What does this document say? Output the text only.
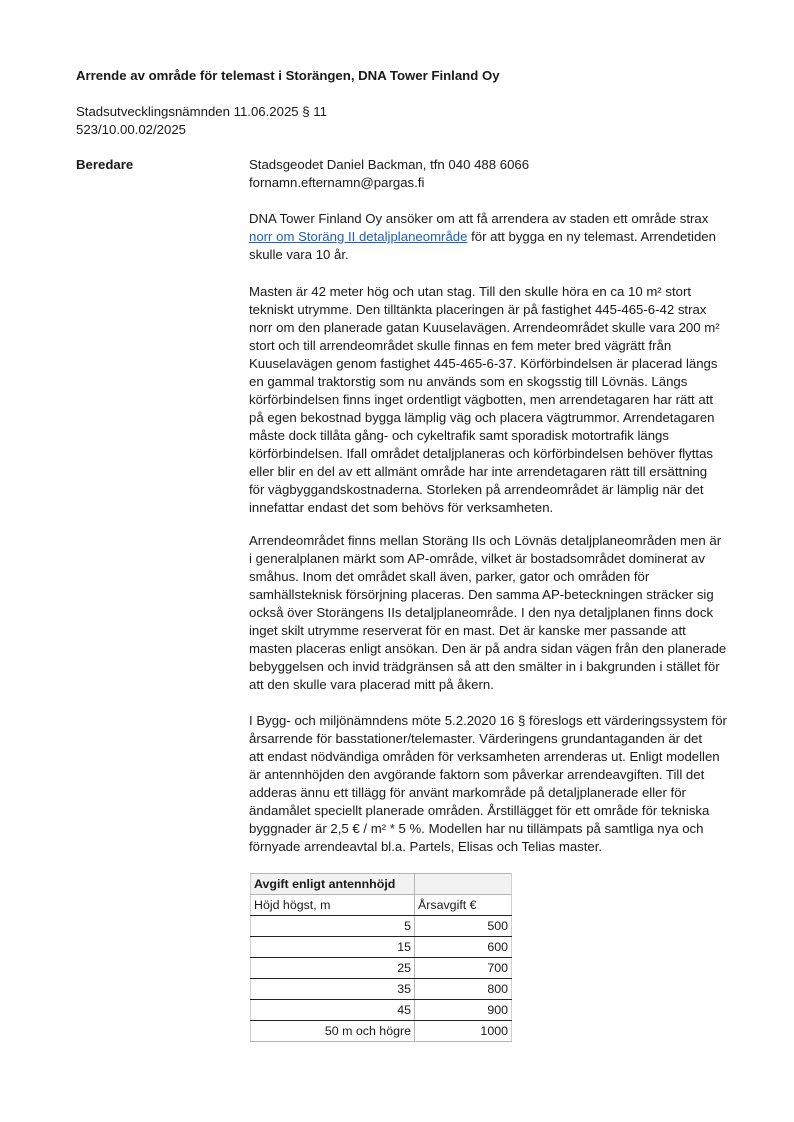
Arrende av område för telemast i Storängen, DNA Tower Finland Oy
Stadsutvecklingsnämnden 11.06.2025 § 11
523/10.00.02/2025
Beredare	Stadsgeodet Daniel Backman, tfn 040 488 6066
fornamn.efternamn@pargas.fi
DNA Tower Finland Oy ansöker om att få arrendera av staden ett område strax
norr om Storäng II detaljplaneområde för att bygga en ny telemast. Arrendetiden
skulle vara 10 år.
Masten är 42 meter hög och utan stag. Till den skulle höra en ca 10 m² stort
tekniskt utrymme. Den tilltänkta placeringen är på fastighet 445-465-6-42 strax
norr om den planerade gatan Kuuselavägen. Arrendeområdet skulle vara 200 m²
stort och till arrendeområdet skulle finnas en fem meter bred vägrätt från
Kuuselavägen genom fastighet 445-465-6-37. Körförbindelsen är placerad längs
en gammal traktorstig som nu används som en skogsstig till Lövnäs. Längs
körförbindelsen finns inget ordentligt vägbotten, men arrendetagaren har rätt att
på egen bekostnad bygga lämplig väg och placera vägtrummor. Arrendetagaren
måste dock tillåta gång- och cykeltrafik samt sporadisk motortrafik längs
körförbindelsen. Ifall området detaljplaneras och körförbindelsen behöver flyttas
eller blir en del av ett allmänt område har inte arrendetagaren rätt till ersättning
för vägbyggandskostnaderna. Storleken på arrendeområdet är lämplig när det
innefattar endast det som behövs för verksamheten.
Arrendeområdet finns mellan Storäng IIs och Lövnäs detaljplaneområden men är
i generalplanen märkt som AP-område, vilket är bostadsområdet dominerat av
småhus. Inom det området skall även, parker, gator och områden för
samhällsteknisk försörjning placeras. Den samma AP-beteckningen sträcker sig
också över Storängens IIs detaljplaneområde. I den nya detaljplanen finns dock
inget skilt utrymme reserverat för en mast. Det är kanske mer passande att
masten placeras enligt ansökan. Den är på andra sidan vägen från den planerade
bebyggelsen och invid trädgränsen så att den smälter in i bakgrunden i stället för
att den skulle vara placerad mitt på åkern.
I Bygg- och miljönämndens möte 5.2.2020 16 § föreslogs ett värderingssystem för
årsarrende för basstationer/telemaster. Värderingens grundantaganden är det
att endast nödvändiga områden för verksamheten arrenderas ut. Enligt modellen
är antennhöjden den avgörande faktorn som påverkar arrendeavgiften. Till det
adderas ännu ett tillägg för använt markområde på detaljplanerade eller för
ändamålet speciellt planerade områden. Årstillägget för ett område för tekniska
byggnader är 2,5 € / m² * 5 %. Modellen har nu tillämpats på samtliga nya och
förnyade arrendeavtal bl.a. Partels, Elisas och Telias master.
Avgift enligt antennhöjd	
Höjd högst, m	Årsavgift €
5	500
15	600
25	700
35	800
45	900
50 m och högre	1000
